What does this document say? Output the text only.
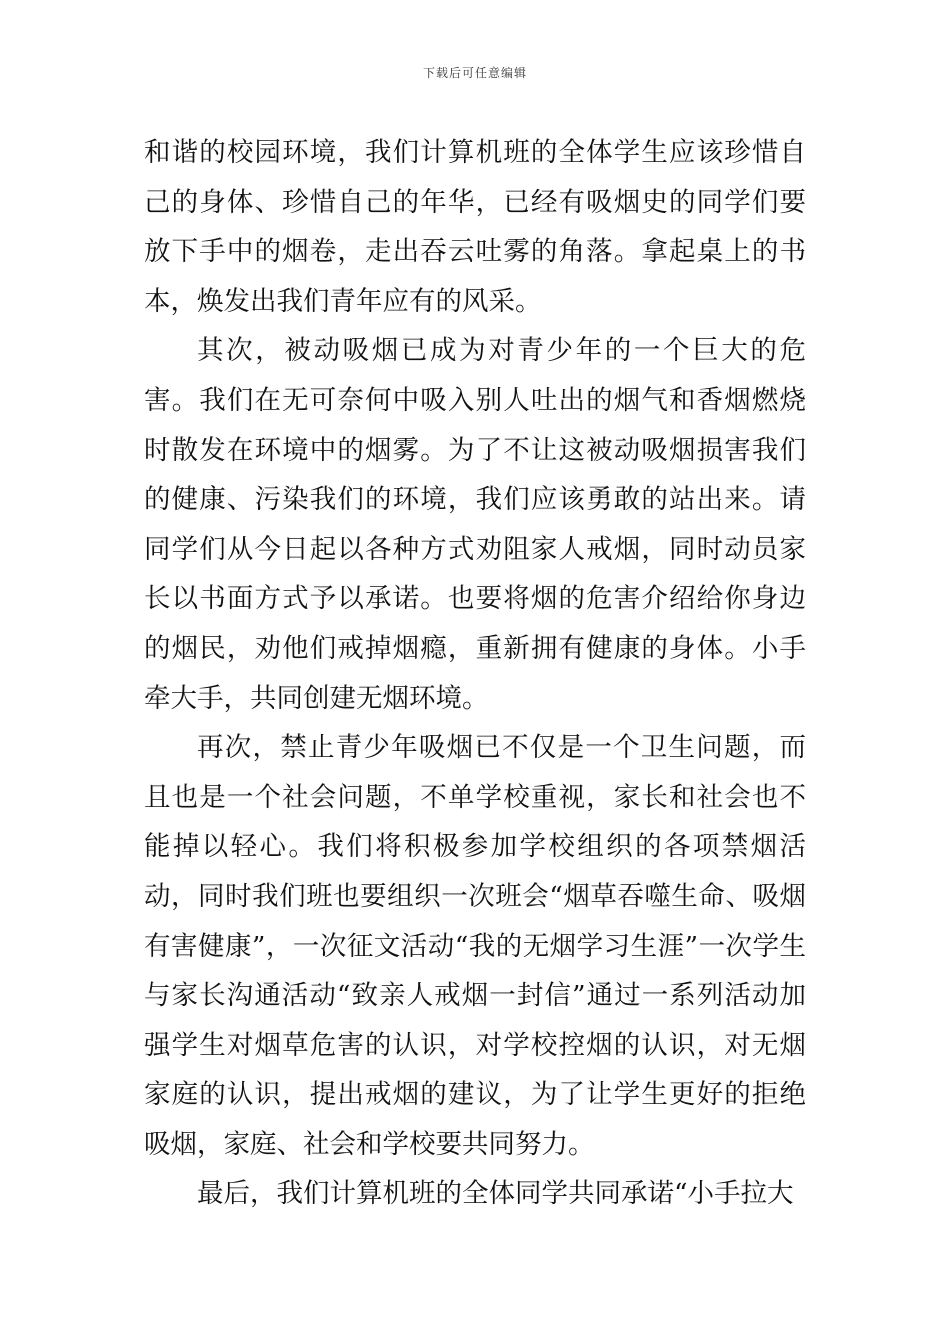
下载后可任意编辑

和谐的校园环境，我们计算机班的全体学生应该珍惜自己的身体、珍惜自己的年华，已经有吸烟史的同学们要放下手中的烟卷，走出吞云吐雾的角落。拿起桌上的书本，焕发出我们青年应有的风采。

其次，被动吸烟已成为对青少年的一个巨大的危害。我们在无可奈何中吸入别人吐出的烟气和香烟燃烧时散发在环境中的烟雾。为了不让这被动吸烟损害我们的健康、污染我们的环境，我们应该勇敢的站出来。请同学们从今日起以各种方式劝阻家人戒烟，同时动员家长以书面方式予以承诺。也要将烟的危害介绍给你身边的烟民，劝他们戒掉烟瘾，重新拥有健康的身体。小手牵大手，共同创建无烟环境。

再次，禁止青少年吸烟已不仅是一个卫生问题，而且也是一个社会问题，不单学校重视，家长和社会也不能掉以轻心。我们将积极参加学校组织的各项禁烟活动，同时我们班也要组织一次班会“烟草吞噬生命、吸烟有害健康”，一次征文活动“我的无烟学习生涯”一次学生与家长沟通活动“致亲人戒烟一封信”通过一系列活动加强学生对烟草危害的认识，对学校控烟的认识，对无烟家庭的认识，提出戒烟的建议，为了让学生更好的拒绝吸烟，家庭、社会和学校要共同努力。

最后，我们计算机班的全体同学共同承诺“小手拉大
